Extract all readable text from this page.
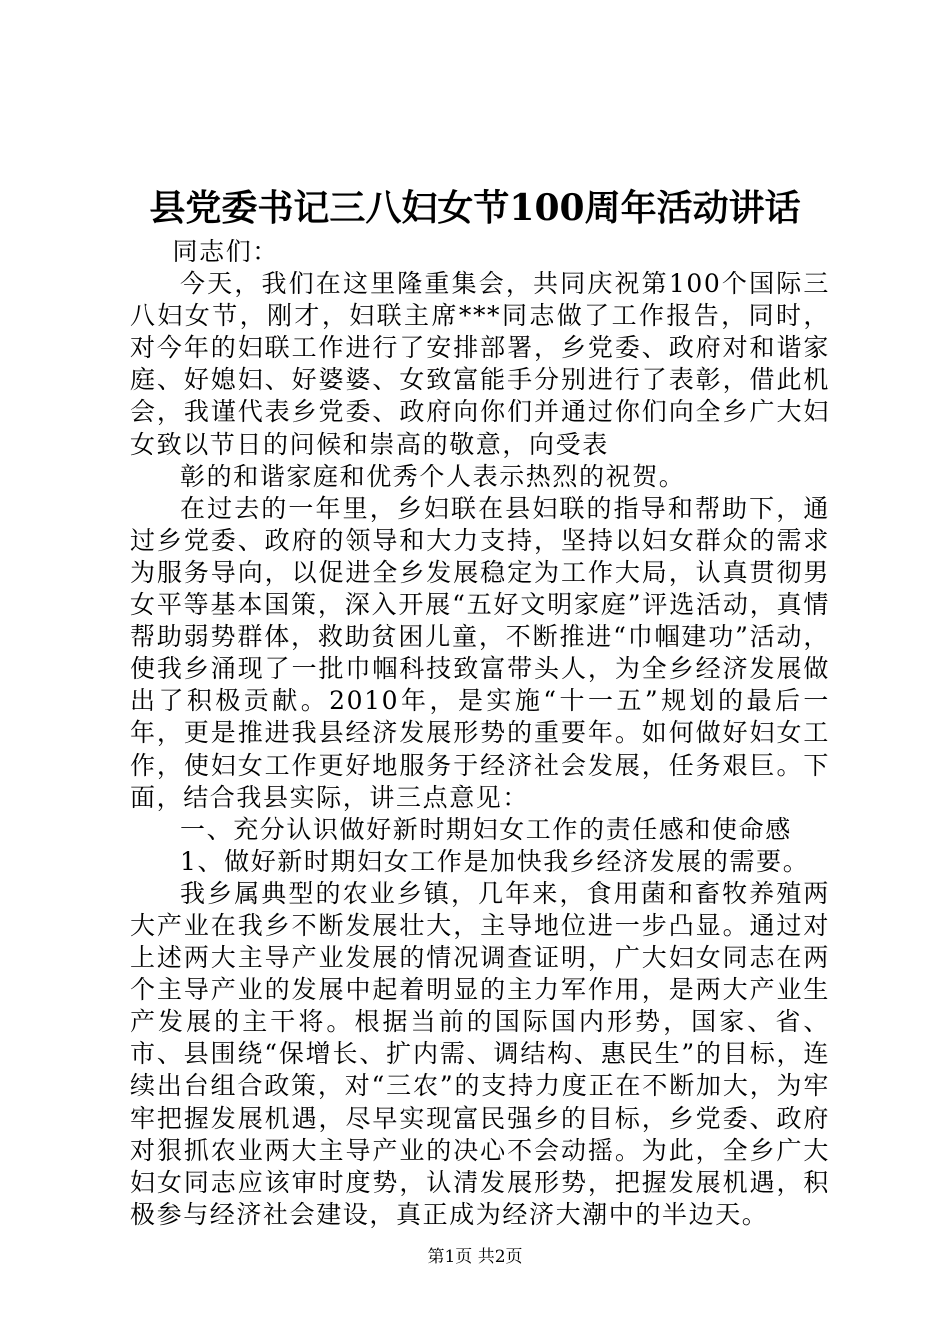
县党委书记三八妇女节100周年活动讲话

同志们：

今天，我们在这里隆重集会，共同庆祝第100个国际三八妇女节，刚才，妇联主席***同志做了工作报告，同时，对今年的妇联工作进行了安排部署，乡党委、政府对和谐家庭、好媳妇、好婆婆、女致富能手分别进行了表彰，借此机会，我谨代表乡党委、政府向你们并通过你们向全乡广大妇女致以节日的问候和崇高的敬意，向受表

彰的和谐家庭和优秀个人表示热烈的祝贺。

在过去的一年里，乡妇联在县妇联的指导和帮助下，通过乡党委、政府的领导和大力支持，坚持以妇女群众的需求为服务导向，以促进全乡发展稳定为工作大局，认真贯彻男女平等基本国策，深入开展“五好文明家庭”评选活动，真情帮助弱势群体，救助贫困儿童，不断推进“巾帼建功”活动，使我乡涌现了一批巾帼科技致富带头人，为全乡经济发展做出了积极贡献。2010年，是实施“十一五”规划的最后一年，更是推进我县经济发展形势的重要年。如何做好妇女工作，使妇女工作更好地服务于经济社会发展，任务艰巨。下面，结合我县实际，讲三点意见：

一、充分认识做好新时期妇女工作的责任感和使命感

1、做好新时期妇女工作是加快我乡经济发展的需要。

我乡属典型的农业乡镇，几年来，食用菌和畜牧养殖两大产业在我乡不断发展壮大，主导地位进一步凸显。通过对上述两大主导产业发展的情况调查证明，广大妇女同志在两个主导产业的发展中起着明显的主力军作用，是两大产业生产发展的主干将。根据当前的国际国内形势，国家、省、市、县围绕“保增长、扩内需、调结构、惠民生”的目标，连续出台组合政策，对“三农”的支持力度正在不断加大，为牢牢把握发展机遇，尽早实现富民强乡的目标，乡党委、政府对狠抓农业两大主导产业的决心不会动摇。为此，全乡广大妇女同志应该审时度势，认清发展形势，把握发展机遇，积极参与经济社会建设，真正成为经济大潮中的半边天。

第1页 共2页
